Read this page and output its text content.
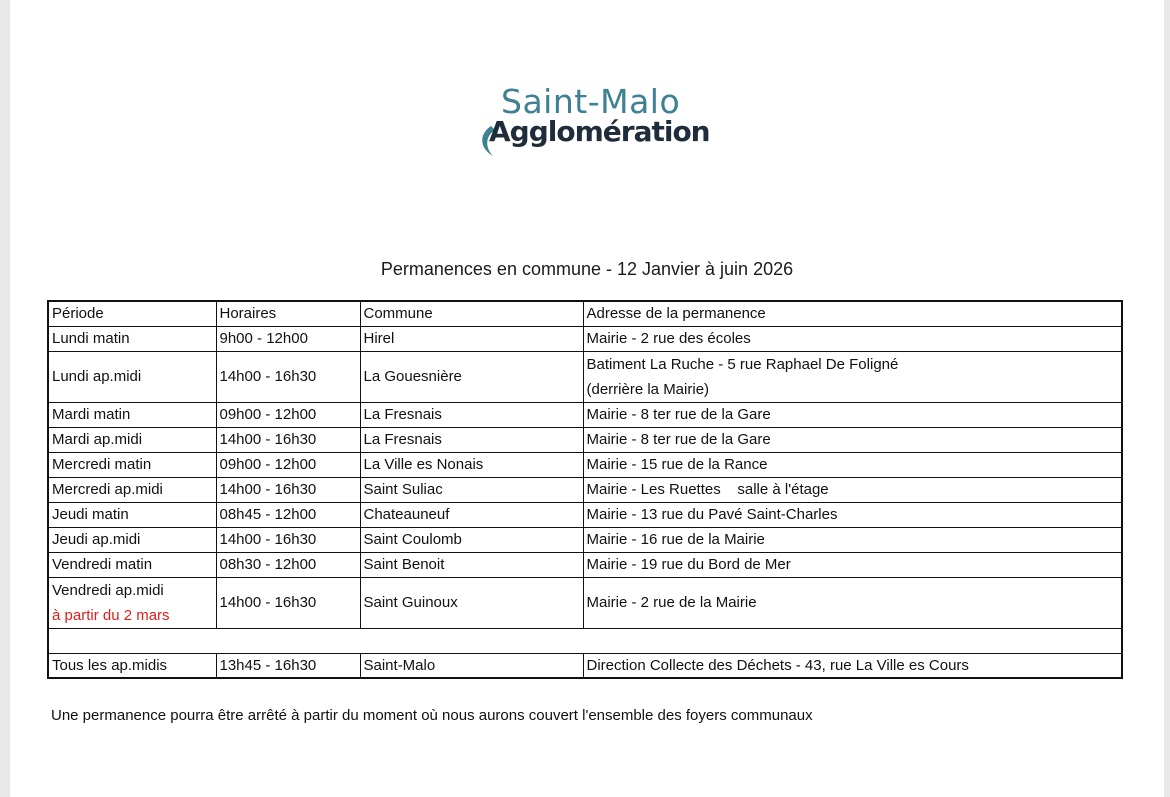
Saint-Malo
Agglomération
Permanences en commune - 12 Janvier à juin 2026
Période	Horaires	Commune	Adresse de la permanence
Lundi matin	9h00 - 12h00	Hirel	Mairie - 2 rue des écoles
Lundi ap.midi	14h00 - 16h30	La Gouesnière	Batiment La Ruche - 5 rue Raphael De Foligné
(derrière la Mairie)

Mardi matin	09h00 - 12h00	La Fresnais	Mairie - 8 ter rue de la Gare
Mardi ap.midi	14h00 - 16h30	La Fresnais	Mairie - 8 ter rue de la Gare
Mercredi matin	09h00 - 12h00	La Ville es Nonais	Mairie - 15 rue de la Rance
Mercredi ap.midi	14h00 - 16h30	Saint Suliac	Mairie - Les Ruettes    salle à l'étage
Jeudi matin	08h45 - 12h00	Chateauneuf	Mairie - 13 rue du Pavé Saint-Charles
Jeudi ap.midi	14h00 - 16h30	Saint Coulomb	Mairie - 16 rue de la Mairie
Vendredi matin	08h30 - 12h00	Saint Benoit	Mairie - 19 rue du Bord de Mer

Vendredi ap.midi
à partir du 2 mars	14h00 - 16h30	Saint Guinoux	Mairie - 2 rue de la Mairie

Tous les ap.midis	13h45 - 16h30	Saint-Malo	Direction Collecte des Déchets - 43, rue La Ville es Cours
Une permanence pourra être arrêté à partir du moment où nous aurons couvert l'ensemble des foyers communaux
